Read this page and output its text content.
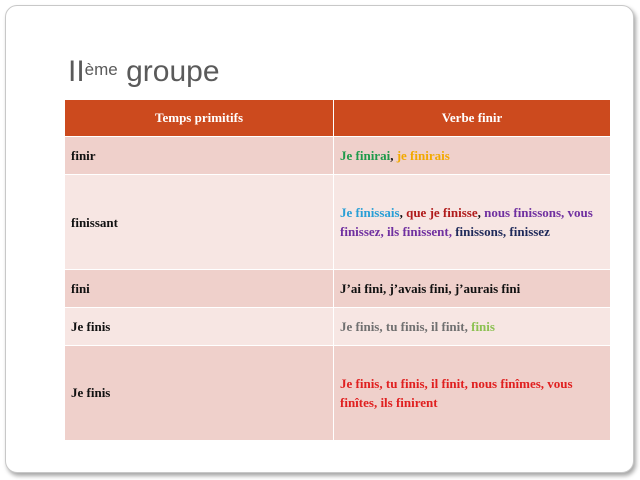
IIème groupe
Temps primitifs	Verbe finir
finir	Je finirai, je finirais
finissant	Je finissais, que je finisse, nous finissons, vous finissez, ils finissent, finissons, finissez
fini	J’ai fini, j’avais fini, j’aurais fini
Je finis	Je finis, tu finis, il finit, finis
Je finis	Je finis, tu finis, il finit, nous finîmes, vous finîtes, ils finirent
